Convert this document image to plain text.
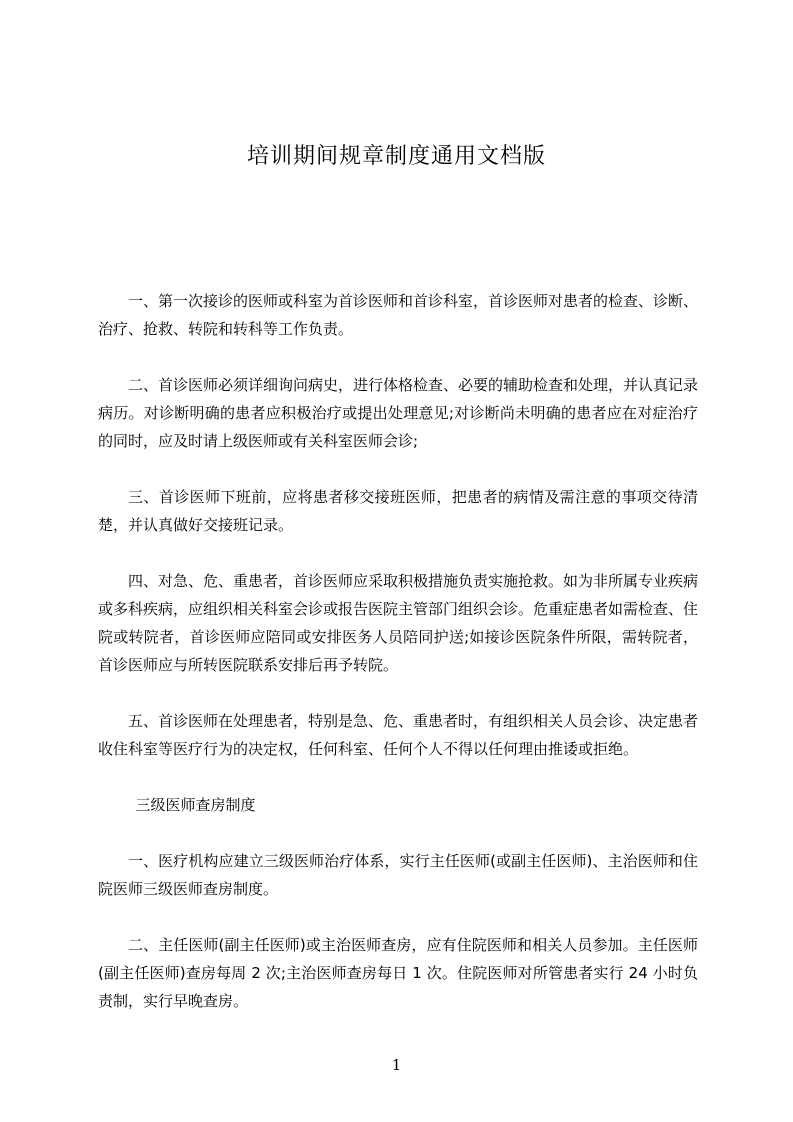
培训期间规章制度通用文档版

一、第一次接诊的医师或科室为首诊医师和首诊科室，首诊医师对患者的检查、诊断、治疗、抢救、转院和转科等工作负责。

二、首诊医师必须详细询问病史，进行体格检查、必要的辅助检查和处理，并认真记录病历。对诊断明确的患者应积极治疗或提出处理意见;对诊断尚未明确的患者应在对症治疗的同时，应及时请上级医师或有关科室医师会诊;

三、首诊医师下班前，应将患者移交接班医师，把患者的病情及需注意的事项交待清楚，并认真做好交接班记录。

四、对急、危、重患者，首诊医师应采取积极措施负责实施抢救。如为非所属专业疾病或多科疾病，应组织相关科室会诊或报告医院主管部门组织会诊。危重症患者如需检查、住院或转院者，首诊医师应陪同或安排医务人员陪同护送;如接诊医院条件所限，需转院者，首诊医师应与所转医院联系安排后再予转院。

五、首诊医师在处理患者，特别是急、危、重患者时，有组织相关人员会诊、决定患者收住科室等医疗行为的决定权，任何科室、任何个人不得以任何理由推诿或拒绝。

三级医师查房制度

一、医疗机构应建立三级医师治疗体系，实行主任医师(或副主任医师)、主治医师和住院医师三级医师查房制度。

二、主任医师(副主任医师)或主治医师查房，应有住院医师和相关人员参加。主任医师(副主任医师)查房每周 2 次;主治医师查房每日 1 次。住院医师对所管患者实行 24 小时负责制，实行早晚查房。

1
